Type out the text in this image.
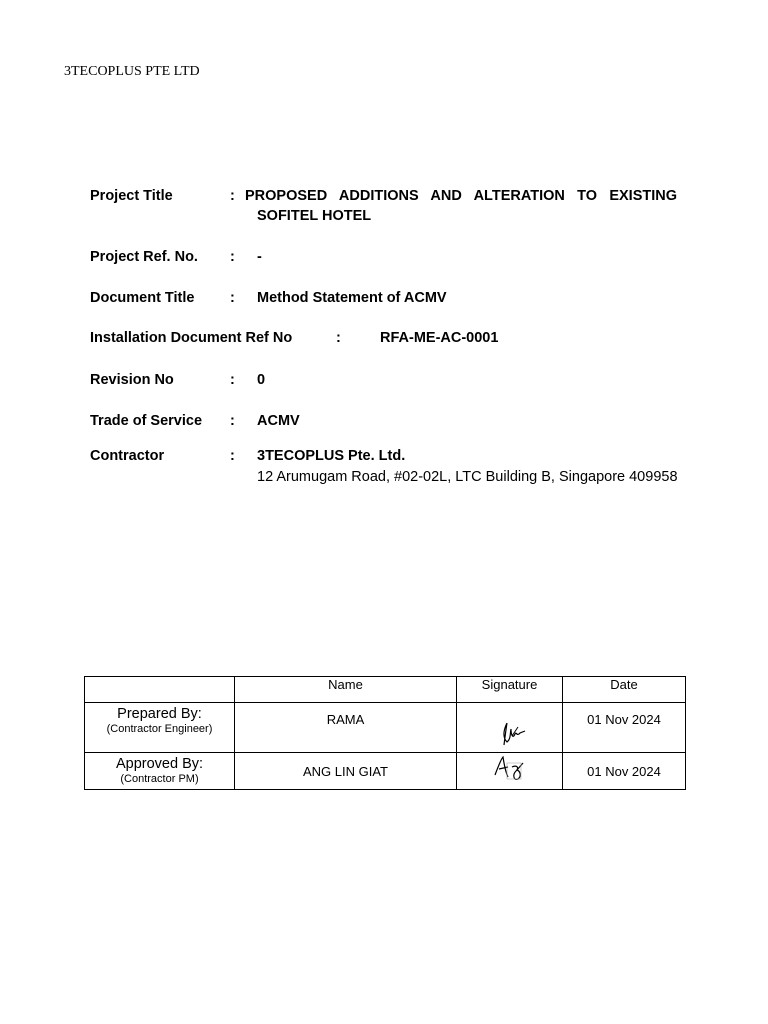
3TECOPLUS PTE LTD
Project Title	: PROPOSED ADDITIONS AND ALTERATION TO EXISTING
SOFITEL HOTEL
Project Ref. No. : -
Document Title : Method Statement of ACMV
Installation Document Ref No	:	RFA-ME-AC-0001
Revision No	: 0
Trade of Service : ACMV
Contractor	: 3TECOPLUS Pte. Ltd.
12 Arumugam Road, #02-02L, LTC Building B, Singapore 409958
	Name	Signature	Date

Prepared By:
(Contractor Engineer)	RAMA		01 Nov 2024

Approved By:
(Contractor PM)	ANG LIN GIAT		01 Nov 2024
